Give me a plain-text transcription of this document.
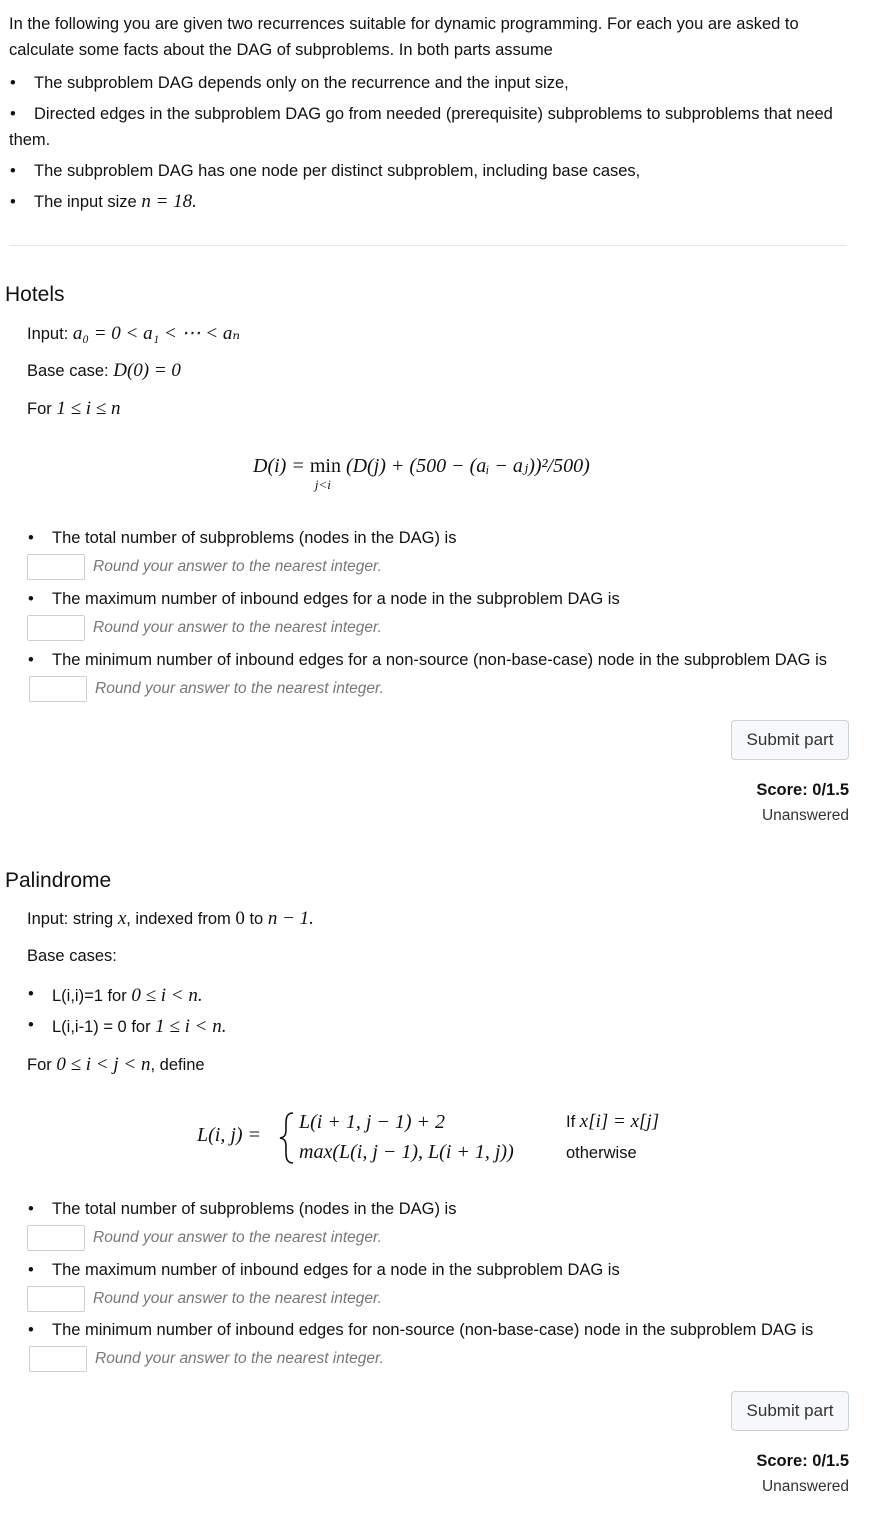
In the following you are given two recurrences suitable for dynamic programming. For each you are asked to calculate some facts about the DAG of subproblems. In both parts assume

• The subproblem DAG depends only on the recurrence and the input size,
• Directed edges in the subproblem DAG go from needed (prerequisite) subproblems to subproblems that need them.
• The subproblem DAG has one node per distinct subproblem, including base cases,
• The input size n = 18.
Hotels
Input: a₀ = 0 < a₁ < ⋯ < aₙ
Base case: D(0) = 0
For 1 ≤ i ≤ n
D(i) = min
j<i
(D(j) + (500 − (aᵢ − aⱼ))²/500)
• The total number of subproblems (nodes in the DAG) is
Round your answer to the nearest integer.
• The maximum number of inbound edges for a node in the subproblem DAG is
Round your answer to the nearest integer.
• The minimum number of inbound edges for a non-source (non-base-case) node in the subproblem DAG is Round your answer to the nearest integer.
Submit part
Score: 0/1.5
Unanswered
Palindrome
Input: string x, indexed from 0 to n − 1.
Base cases:
• L(i,i)=1 for 0 ≤ i < n.
• L(i,i-1) = 0 for 1 ≤ i < n.
For 0 ≤ i < j < n, define
L(i, j) =
L(i + 1, j − 1) + 2
max(L(i, j − 1), L(i + 1, j))
If x[i] = x[j]
otherwise
• The total number of subproblems (nodes in the DAG) is
Round your answer to the nearest integer.
• The maximum number of inbound edges for a node in the subproblem DAG is
Round your answer to the nearest integer.
• The minimum number of inbound edges for non-source (non-base-case) node in the subproblem DAG is Round your answer to the nearest integer.
Submit part
Score: 0/1.5
Unanswered
